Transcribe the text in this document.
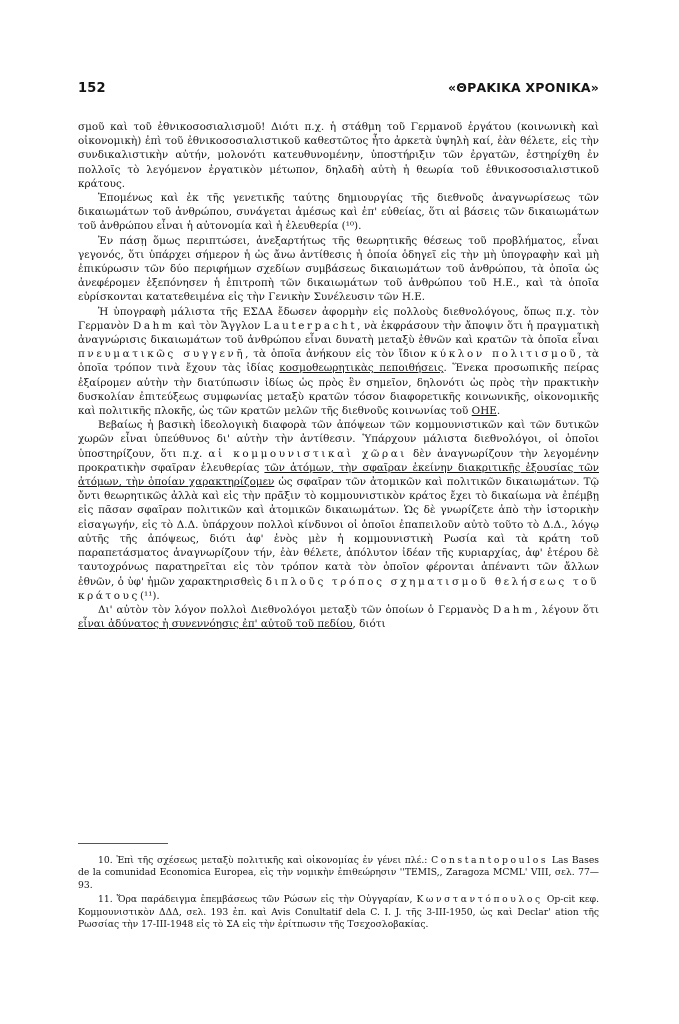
152	«ΘΡΑΚΙΚΑ ΧΡΟΝΙΚΑ»

σμοῦ καὶ τοῦ ἐθνικοσοσιαλισμοῦ! Διότι π.χ. ἡ στάθμη τοῦ Γερμανοῦ ἐργάτου (κοινωνικὴ καὶ οἰκονομικὴ) ἐπὶ τοῦ ἐθνικοσοσιαλιστικοῦ καθεστῶτος ἦτο ἀρκετὰ ὑψηλὴ καί, ἐὰν θέλετε, εἰς τὴν συνδικαλιστικὴν αὐτήν, μολονότι κατευθυνομένην, ὑποστήριξιν τῶν ἐργατῶν, ἐστηρίχθη ἐν πολλοῖς τὸ λεγόμενον ἐργατικὸν μέτωπον, δηλαδὴ αὐτὴ ἡ θεωρία τοῦ ἐθνικοσοσιαλιστικοῦ κράτους.

Ἑπομένως καὶ ἐκ τῆς γενετικῆς ταύτης δημιουργίας τῆς διεθνοῦς ἀναγνωρίσεως τῶν δικαιωμάτων τοῦ ἀνθρώπου, συνάγεται ἀμέσως καὶ ἐπ' εὐθείας, ὅτι αἱ βάσεις τῶν δικαιωμάτων τοῦ ἀνθρώπου εἶναι ἡ αὐτονομία καὶ ἡ ἐλευθερία (¹⁰).

Ἐν πάσῃ ὅμως περιπτώσει, ἀνεξαρτήτως τῆς θεωρητικῆς θέσεως τοῦ προβλήματος, εἶναι γεγονός, ὅτι ὑπάρχει σήμερον ἡ ὡς ἄνω ἀντίθεσις ἡ ὁποία ὁδηγεῖ εἰς τὴν μὴ ὑπογραφὴν καὶ μὴ ἐπικύρωσιν τῶν δύο περιφήμων σχεδίων συμβάσεως δικαιωμάτων τοῦ ἀνθρώπου, τὰ ὁποῖα ὡς ἀνεφέρομεν ἐξεπόνησεν ἡ ἐπιτροπὴ τῶν δικαιωμάτων τοῦ ἀνθρώπου τοῦ Η.Ε., καὶ τὰ ὁποῖα εὑρίσκονται κατατεθειμένα εἰς τὴν Γενικὴν Συνέλευσιν τῶν Η.Ε.

Ἡ ὑπογραφὴ μάλιστα τῆς ΕΣΔΑ ἔδωσεν ἀφορμὴν εἰς πολλοὺς διεθνολόγους, ὅπως π.χ. τὸν Γερμανὸν Dahm καὶ τὸν Ἄγγλον Lauterpacht, νὰ ἐκφράσουν τὴν ἄποψιν ὅτι ἡ πραγματικὴ ἀναγνώρισις δικαιωμάτων τοῦ ἀνθρώπου εἶναι δυνατὴ μεταξὺ ἐθνῶν καὶ κρατῶν τὰ ὁποῖα εἶναι πνευματικῶς συγγενῆ, τὰ ὁποῖα ἀνήκουν εἰς τὸν ἴδιον κύκλον πολιτισμοῦ, τὰ ὁποῖα τρόπον τινὰ ἔχουν τὰς ἰδίας κοσμοθεωρητικὰς πεποιθήσεις. Ἕνεκα προσωπικῆς πείρας ἐξαίρομεν αὐτὴν τὴν διατύπωσιν ἰδίως ὡς πρὸς ἓν σημεῖον, δηλονότι ὡς πρὸς τὴν πρακτικὴν δυσκολίαν ἐπιτεύξεως συμφωνίας μεταξὺ κρατῶν τόσον διαφορετικῆς κοινωνικῆς, οἰκονομικῆς καὶ πολιτικῆς πλοκῆς, ὡς τῶν κρατῶν μελῶν τῆς διεθνοῦς κοινωνίας τοῦ ΟΗΕ.

Βεβαίως ἡ βασικὴ ἰδεολογικὴ διαφορὰ τῶν ἀπόψεων τῶν κομμουνιστικῶν καὶ τῶν δυτικῶν χωρῶν εἶναι ὑπεύθυνος δι' αὐτὴν τὴν ἀντίθεσιν. Ὑπάρχουν μάλιστα διεθνολόγοι, οἱ ὁποῖοι ὑποστηρίζουν, ὅτι π.χ. αἱ κομμουνιστικαὶ χῶραι δὲν ἀναγνωρίζουν τὴν λεγομένην προκρατικὴν σφαῖραν ἐλευθερίας τῶν ἀτόμων, τὴν σφαῖραν ἐκείνην διακριτικῆς ἐξουσίας τῶν ἀτόμων, τὴν ὁποίαν χαρακτηρίζομεν ὡς σφαῖραν τῶν ἀτομικῶν καὶ πολιτικῶν δικαιωμάτων. Τῷ ὄντι θεωρητικῶς ἀλλὰ καὶ εἰς τὴν πρᾶξιν τὸ κομμουνιστικὸν κράτος ἔχει τὸ δικαίωμα νὰ ἐπέμβῃ εἰς πᾶσαν σφαῖραν πολιτικῶν καὶ ἀτομικῶν δικαιωμάτων. Ὡς δὲ γνωρίζετε ἀπὸ τὴν ἱστορικὴν εἰσαγωγήν, εἰς τὸ Δ.Δ. ὑπάρχουν πολλοὶ κίνδυνοι οἱ ὁποῖοι ἐπαπειλοῦν αὐτὸ τοῦτο τὸ Δ.Δ., λόγῳ αὐτῆς τῆς ἀπόψεως, διότι ἀφ' ἑνὸς μὲν ἡ κομμουνιστικὴ Ρωσία καὶ τὰ κράτη τοῦ παραπετάσματος ἀναγνωρίζουν τήν, ἐὰν θέλετε, ἀπόλυτον ἰδέαν τῆς κυριαρχίας, ἀφ' ἑτέρου δὲ ταυτοχρόνως παρατηρεῖται εἰς τὸν τρόπον κατὰ τὸν ὁποῖον φέρονται ἀπέναντι τῶν ἄλλων ἐθνῶν, ὁ ὑφ' ἡμῶν χαρακτηρισθεὶς διπλοῦς τρόπος σχηματισμοῦ θελήσεως τοῦ κράτους(¹¹).

Δι' αὐτὸν τὸν λόγον πολλοὶ Διεθνολόγοι μεταξὺ τῶν ὁποίων ὁ Γερμανὸς Dahm, λέγουν ὅτι εἶναι ἀδύνατος ἡ συνεννόησις ἐπ' αὐτοῦ τοῦ πεδίου, διότι

10. Ἐπὶ τῆς σχέσεως μεταξὺ πολιτικῆς καὶ οἰκονομίας ἐν γένει πλέ.: Constantopoulos Las Bases de la comunidad Economica Europea, εἰς τὴν νομικὴν ἐπιθεώρησιν ''TEMIS,, Zaragoza MCML' VIII, σελ. 77—93.

11. Ὅρα παράδειγμα ἐπεμβάσεως τῶν Ρώσων εἰς τὴν Οὐγγαρίαν, Κωνσταντόπουλος Op-cit κεφ. Κομμουνιστικὸν ΔΔΔ, σελ. 193 ἐπ. καὶ Avis Conultatif dela C. I. J. τῆς 3-III-1950, ὡς καὶ Declar' ation τῆς Ρωσσίας τὴν 17-III-1948 εἰς τὸ ΣΑ εἰς τὴν ἐρίτπωσιν τῆς Τσεχοσλοβακίας.
